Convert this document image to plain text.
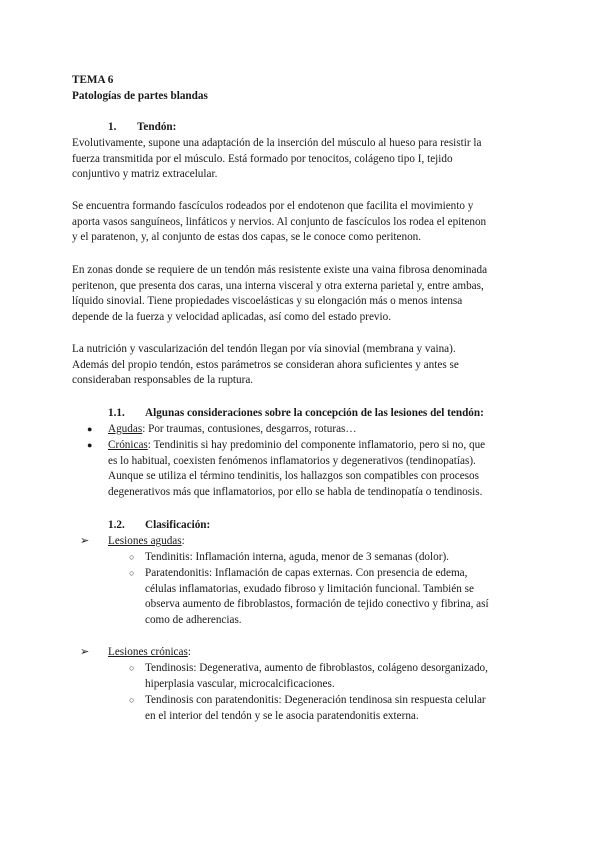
TEMA 6
Patologías de partes blandas
1. Tendón:
Evolutivamente, supone una adaptación de la inserción del músculo al hueso para resistir la
fuerza transmitida por el músculo. Está formado por tenocitos, colágeno tipo I, tejido
conjuntivo y matriz extracelular.
Se encuentra formando fascículos rodeados por el endotenon que facilita el movimiento y
aporta vasos sanguíneos, linfáticos y nervios. Al conjunto de fascículos los rodea el epitenon
y el paratenon, y, al conjunto de estas dos capas, se le conoce como peritenon.
En zonas donde se requiere de un tendón más resistente existe una vaina fibrosa denominada
peritenon, que presenta dos caras, una interna visceral y otra externa parietal y, entre ambas,
líquido sinovial. Tiene propiedades viscoelásticas y su elongación más o menos intensa
depende de la fuerza y velocidad aplicadas, así como del estado previo.
La nutrición y vascularización del tendón llegan por vía sinovial (membrana y vaina).
Además del propio tendón, estos parámetros se consideran ahora suficientes y antes se
consideraban responsables de la ruptura.
1.1. Algunas consideraciones sobre la concepción de las lesiones del tendón:
● Agudas: Por traumas, contusiones, desgarros, roturas…
● Crónicas: Tendinitis si hay predominio del componente inflamatorio, pero si no, que
es lo habitual, coexisten fenómenos inflamatorios y degenerativos (tendinopatías).
Aunque se utiliza el término tendinitis, los hallazgos son compatibles con procesos
degenerativos más que inflamatorios, por ello se habla de tendinopatía o tendinosis.
1.2. Clasificación:
➢ Lesiones agudas:
○ Tendinitis: Inflamación interna, aguda, menor de 3 semanas (dolor).
○ Paratendonitis: Inflamación de capas externas. Con presencia de edema,
células inflamatorias, exudado fibroso y limitación funcional. También se
observa aumento de fibroblastos, formación de tejido conectivo y fibrina, así
como de adherencias.
➢ Lesiones crónicas:
○ Tendinosis: Degenerativa, aumento de fibroblastos, colágeno desorganizado,
hiperplasia vascular, microcalcificaciones.
○ Tendinosis con paratendonitis: Degeneración tendinosa sin respuesta celular
en el interior del tendón y se le asocia paratendonitis externa.
